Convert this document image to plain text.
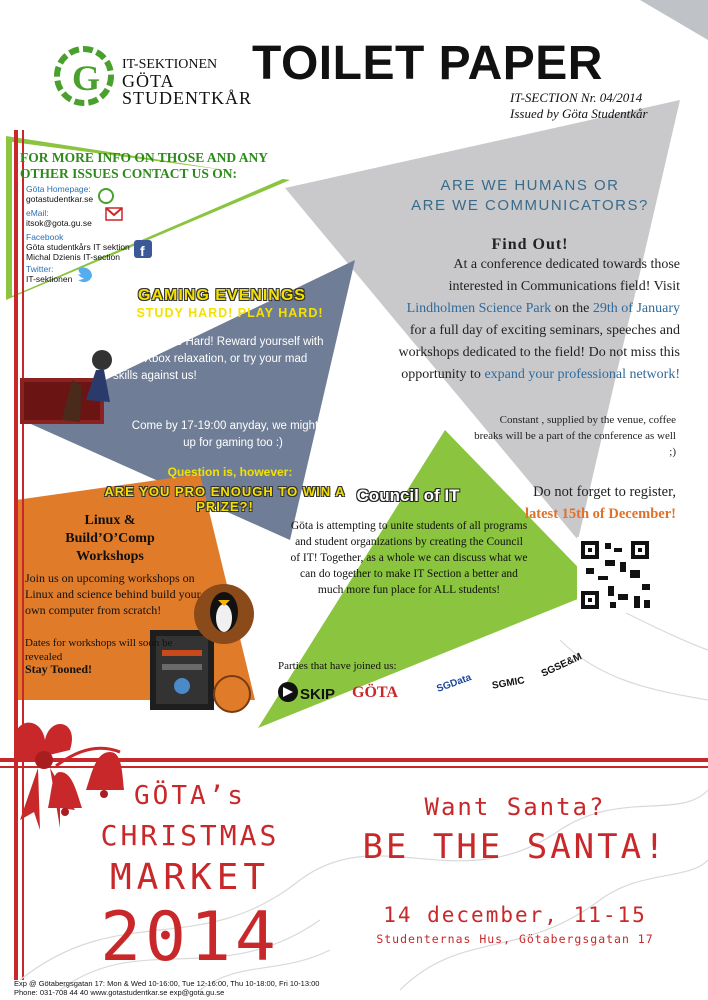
G
f
TOILET PAPER
IT-SECTION Nr. 04/2014
Issued by Göta Studentkår
IT-SEKTIONEN
GÖTA
STUDENTKÅR
FOR MORE INFO ON THOSE AND ANY OTHER ISSUES CONTACT US ON:
Göta Homepage:
gotastudentkar.se
eMail:
itsok@gota.gu.se
Facebook
Göta studentkårs IT sektion
Michal Dzienis IT-section
Twitter:
IT-sektionen
ARE WE HUMANS OR
ARE WE COMMUNICATORS?
Find Out!
At a conference dedicated towards those interested in Communications field! Visit Lindholmen Science Park on the 29th of January for a full day of exciting seminars, speeches and workshops dedicated to the field! Do not miss this opportunity to expand your professional network!
Constant , supplied by the venue, coffee breaks will be a part of the conference as well ;)
Do not forget to register,
latest 15th of December!
GAMING EVENINGS
STUDY HARD! PLAY HARD!
You Study So Hard! Reward yourself with some Xbox relaxation, or try your mad skills against us!
Come by 17-19:00 anyday, we might be up for gaming too :)
Question is, however:
ARE YOU PRO ENOUGH TO WIN A PRIZE?!
Linux &
Build’O’Comp
Workshops
Join us on upcoming workshops on Linux and science behind build your own computer from scratch!
Dates for workshops will soon be revealed
Stay Tooned!
Council of IT
Göta is attempting to unite students of all programs and student organizations by creating the Council of IT! Together, as a whole we can discuss what we can do together to make IT Section a better and much more fun place for ALL students!
Parties that have joined us:
SKIP GÖTA	SGData SGMIC
SGSE&M
GÖTA’s
CHRISTMAS
MARKET
2014
Want Santa?
BE THE SANTA!
14 december, 11-15
Studenternas Hus, Götabergsgatan 17
Exp @ Götabergsgatan 17: Mon & Wed 10-16:00, Tue 12-16:00, Thu 10-18:00, Fri 10-13:00
Phone: 031-708 44 40 www.gotastudentkar.se exp@gota.gu.se
